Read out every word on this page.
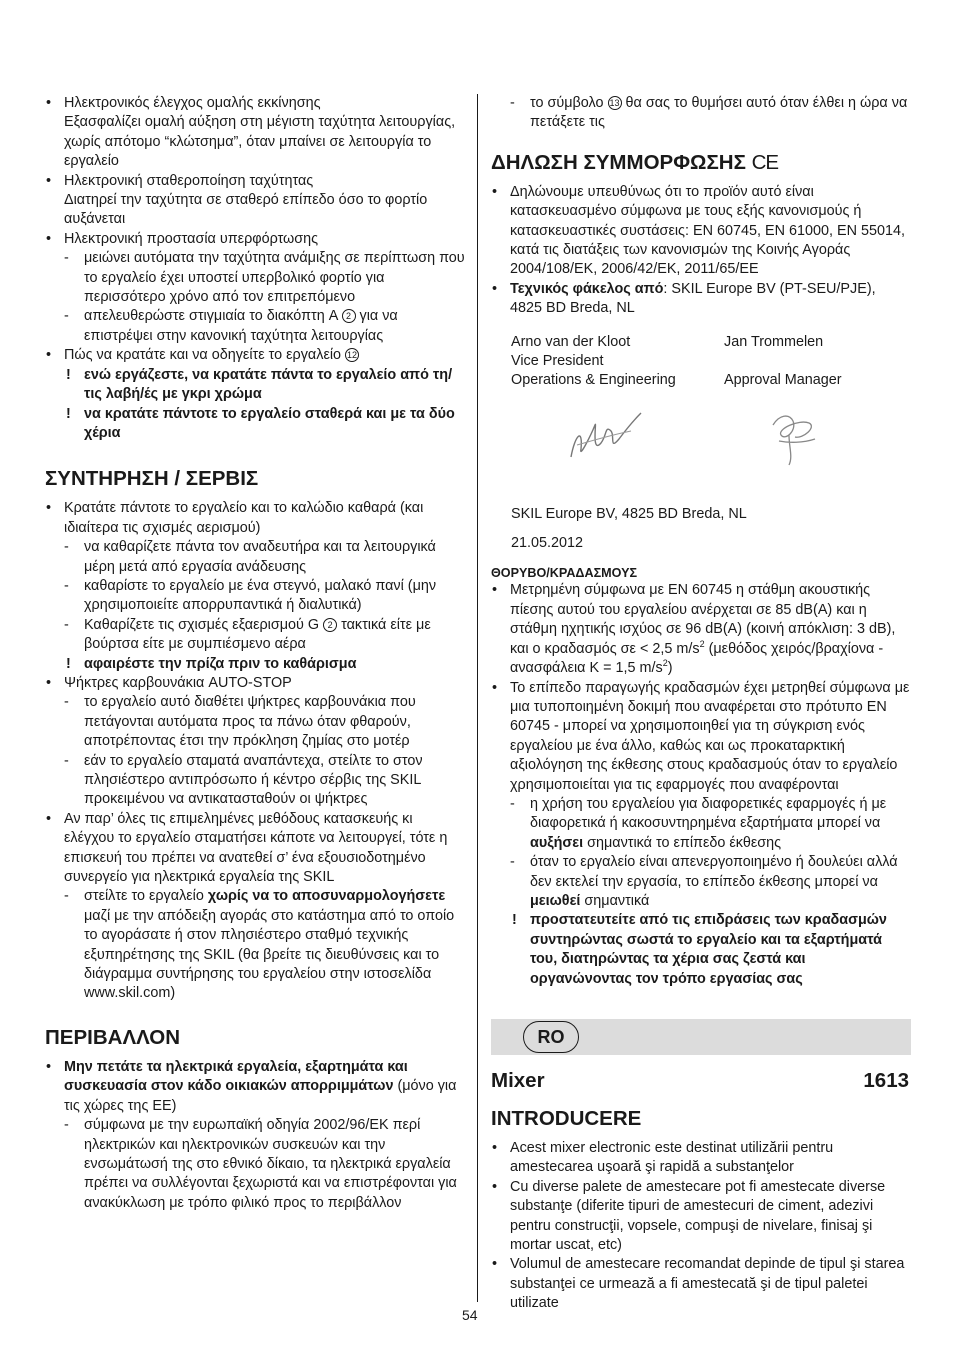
• Ηλεκτρονικός έλεγχος ομαλής εκκίνησης
Εξασφαλίζει ομαλή αύξηση στη μέγιστη ταχύτητα λειτουργίας, χωρίς απότομο “κλώτσημα”, όταν μπαίνει σε λειτουργία το εργαλείο
• Ηλεκτρονική σταθεροποίηση ταχύτητας
Διατηρεί την ταχύτητα σε σταθερό επίπεδο όσο το φορτίο αυξάνεται
• Ηλεκτρονική προστασία υπερφόρτωσης
- μειώνει αυτόματα την ταχύτητα ανάμιξης σε περίπτωση που το εργαλείο έχει υποστεί υπερβολικό φορτίο για περισσότερο χρόνο από τον επιτρεπόμενο
- απελευθερώστε στιγμιαία το διακόπτη A 2 για να επιστρέψει στην κανονική ταχύτητα λειτουργίας
• Πώς να κρατάτε και να οδηγείτε το εργαλείο 12
! ενώ εργάζεστε, να κρατάτε πάντα το εργαλείο από τη/τις λαβή/ές με γκρι χρώμα
! να κρατάτε πάντοτε το εργαλείο σταθερά και με τα δύο χέρια
ΣΥΝΤΗΡΗΣΗ / ΣΕΡΒΙΣ
• Κρατάτε πάντοτε το εργαλείο και το καλώδιο καθαρά (και ιδιαίτερα τις σχισμές αερισμού)
- να καθαρίζετε πάντα τον αναδευτήρα και τα λειτουργικά μέρη μετά από εργασία ανάδευσης
- καθαρίστε το εργαλείο με ένα στεγνό, μαλακό πανί (μην χρησιμοποιείτε απορρυπαντικά ή διαλυτικά)
- Καθαρίζετε τις σχισμές εξαερισμού G 2 τακτικά είτε με βούρτσα είτε με συμπιέσμενο αέρα
! αφαιρέστε την πρίζα πριν το καθάρισμα
• Ψήκτρες καρβουνάκια AUTO-STOP
- το εργαλείο αυτό διαθέτει ψήκτρες καρβουνάκια που πετάγονται αυτόματα προς τα πάνω όταν φθαρούν, αποτρέποντας έτσι την πρόκληση ζημίας στο μοτέρ
- εάν το εργαλείο σταματά αναπάντεχα, στείλτε το στον πλησιέστερο αντιπρόσωπο ή κέντρο σέρβις της SKIL προκειμένου να αντικατασταθούν οι ψήκτρες
• Αν παρ’ όλες τις επιμελημένες μεθόδους κατασκευής κι ελέγχου το εργαλείο σταματήσει κάποτε να λειτουργεί, τότε η επισκευή του πρέπει να ανατεθεί σ’ ένα εξουσιοδοτημένο συνεργείο για ηλεκτρικά εργαλεία της SKIL
- στείλτε το εργαλείο χωρίς να το αποσυναρμολογήσετε μαζί με την απόδειξη αγοράς στο κατάστημα από το οποίο το αγοράσατε ή στον πλησιέστερο σταθμό τεχνικής εξυπηρέτησης της SKIL (θα βρείτε τις διευθύνσεις και το διάγραμμα συντήρησης του εργαλείου στην ιστοσελίδα www.skil.com)
ΠΕΡΙΒΑΛΛΟΝ
• Μην πετάτε τα ηλεκτρικά εργαλεία, εξαρτημάτα και συσκευασία στον κάδο οικιακών απορριμμάτων (μόνο για τις χώρες της ΕΕ)
- σύμφωνα με την ευρωπαϊκή οδηγία 2002/96/ΕΚ περί ηλεκτρικών και ηλεκτρονικών συσκευών και την ενσωμάτωσή της στο εθνικό δίκαιο, τα ηλεκτρικά εργαλεία πρέπει να συλλέγονται ξεχωριστά και να επιστρέφονται για ανακύκλωση με τρόπο φιλικό προς το περιβάλλον
- το σύμβολο 13 θα σας το θυμήσει αυτό όταν έλθει η ώρα να πετάξετε τις
ΔΗΛΩΣΗ ΣΥΜΜΟΡΦΩΣΗΣ CE
• Δηλώνουμε υπευθύνως ότι το προϊόν αυτό είναι κατασκευασμένο σύμφωνα με τους εξής κανονισμούς ή κατασκευαστικές συστάσεις: EN 60745, EN 61000, EN 55014, κατά τις διατάξεις των κανονισμών της Κοινής Αγοράς 2004/108/ΕΚ, 2006/42/ΕΚ, 2011/65/ΕΕ
• Τεχνικός φάκελος από: SKIL Europe BV (PT-SEU/PJE), 4825 BD Breda, NL
Arno van der Kloot
Vice President
Operations & Engineering
Jan Trommelen
Approval Manager
SKIL Europe BV, 4825 BD Breda, NL
21.05.2012
ΘΟΡΥΒΟ/ΚΡΑΔΑΣΜΟΥΣ
• Μετρημένη σύμφωνα με EN 60745 η στάθμη ακουστικής πίεσης αυτού του εργαλείου ανέρχεται σε 85 dB(A) και η στάθμη ηχητικής ισχύος σε 96 dB(A) (κοινή απόκλιση: 3 dB), και ο κραδασμός σε < 2,5 $m/s^2$ (μεθόδος χειρός/βραχίονα - ανασφάλεια K = 1,5 $m/s^2$)
• Το επίπεδο παραγωγής κραδασμών έχει μετρηθεί σύμφωνα με μια τυποποιημένη δοκιμή που αναφέρεται στο πρότυπο EN 60745 - μπορεί να χρησιμοποιηθεί για τη σύγκριση ενός εργαλείου με ένα άλλο, καθώς και ως προκαταρκτική αξιολόγηση της έκθεσης στους κραδασμούς όταν το εργαλείο χρησιμοποιείται για τις εφαρμογές που αναφέρονται
- η χρήση του εργαλείου για διαφορετικές εφαρμογές ή με διαφορετικά ή κακοσυντηρημένα εξαρτήματα μπορεί να αυξήσει σημαντικά το επίπεδο έκθεσης
- όταν το εργαλείο είναι απενεργοποιημένο ή δουλεύει αλλά δεν εκτελεί την εργασία, το επίπεδο έκθεσης μπορεί να μειωθεί σημαντικά
! προστατευτείτε από τις επιδράσεις των κραδασμών συντηρώντας σωστά το εργαλείο και τα εξαρτήματά του, διατηρώντας τα χέρια σας ζεστά και οργανώνοντας τον τρόπο εργασίας σας
RO
Mixer	1613
INTRODUCERE
• Acest mixer electronic este destinat utilizării pentru amestecarea uşoară şi rapidă a substanţelor
• Cu diverse palete de amestecare pot fi amestecate diverse substanţe (diferite tipuri de amestecuri de ciment, adezivi pentru construcţii, vopsele, compuşi de nivelare, finisaj şi mortar uscat, etc)
• Volumul de amestecare recomandat depinde de tipul şi starea substanţei ce urmează a fi amestecată şi de tipul paletei utilizate
54
